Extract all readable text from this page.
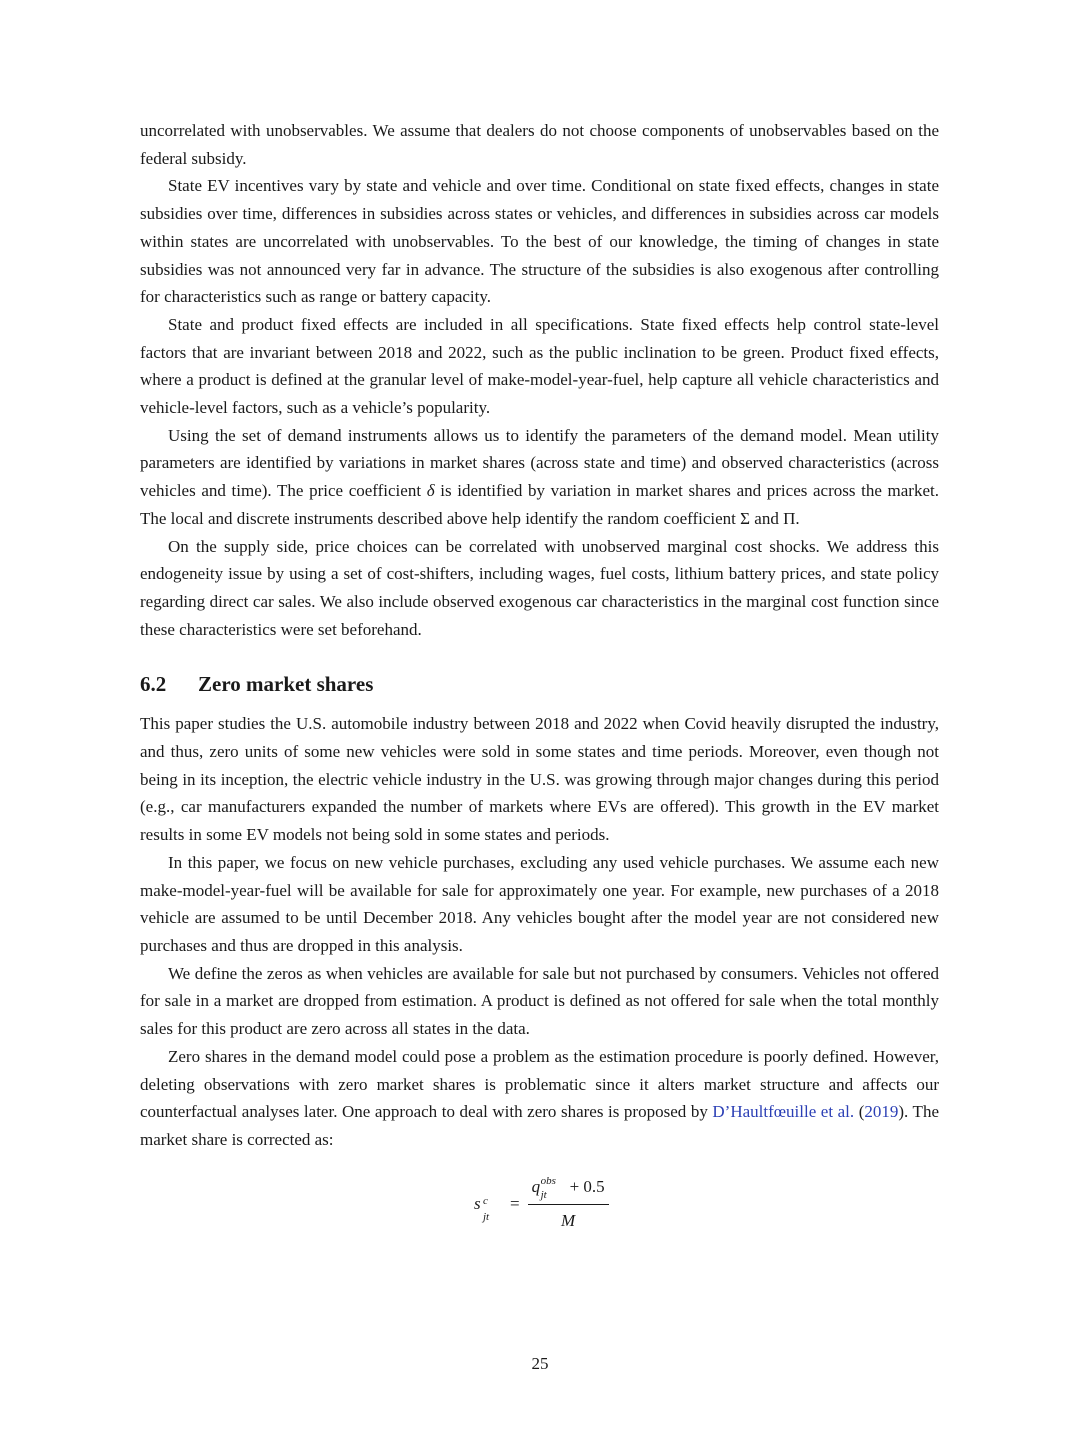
uncorrelated with unobservables. We assume that dealers do not choose components of unobservables based on the federal subsidy.

State EV incentives vary by state and vehicle and over time. Conditional on state fixed effects, changes in state subsidies over time, differences in subsidies across states or vehicles, and differences in subsidies across car models within states are uncorrelated with unobservables. To the best of our knowledge, the timing of changes in state subsidies was not announced very far in advance. The structure of the subsidies is also exogenous after controlling for characteristics such as range or battery capacity.

State and product fixed effects are included in all specifications. State fixed effects help control state-level factors that are invariant between 2018 and 2022, such as the public inclination to be green. Product fixed effects, where a product is defined at the granular level of make-model-year-fuel, help capture all vehicle characteristics and vehicle-level factors, such as a vehicle’s popularity.

Using the set of demand instruments allows us to identify the parameters of the demand model. Mean utility parameters are identified by variations in market shares (across state and time) and observed characteristics (across vehicles and time). The price coefficient δ is identified by variation in market shares and prices across the market. The local and discrete instruments described above help identify the random coefficient Σ and Π.

On the supply side, price choices can be correlated with unobserved marginal cost shocks. We address this endogeneity issue by using a set of cost-shifters, including wages, fuel costs, lithium battery prices, and state policy regarding direct car sales. We also include observed exogenous car characteristics in the marginal cost function since these characteristics were set beforehand.

6.2 Zero market shares

This paper studies the U.S. automobile industry between 2018 and 2022 when Covid heavily disrupted the industry, and thus, zero units of some new vehicles were sold in some states and time periods. Moreover, even though not being in its inception, the electric vehicle industry in the U.S. was growing through major changes during this period (e.g., car manufacturers expanded the number of markets where EVs are offered). This growth in the EV market results in some EV models not being sold in some states and periods.

In this paper, we focus on new vehicle purchases, excluding any used vehicle purchases. We assume each new make-model-year-fuel will be available for sale for approximately one year. For example, new purchases of a 2018 vehicle are assumed to be until December 2018. Any vehicles bought after the model year are not considered new purchases and thus are dropped in this analysis.

We define the zeros as when vehicles are available for sale but not purchased by consumers. Vehicles not offered for sale in a market are dropped from estimation. A product is defined as not offered for sale when the total monthly sales for this product are zero across all states in the data.

Zero shares in the demand model could pose a problem as the estimation procedure is poorly defined. However, deleting observations with zero market shares is problematic since it alters market structure and affects our counterfactual analyses later. One approach to deal with zero shares is proposed by D’Haultfœuille et al. (2019). The market share is corrected as:

s c
jt
= q obs
jt + 0.5
M
25
